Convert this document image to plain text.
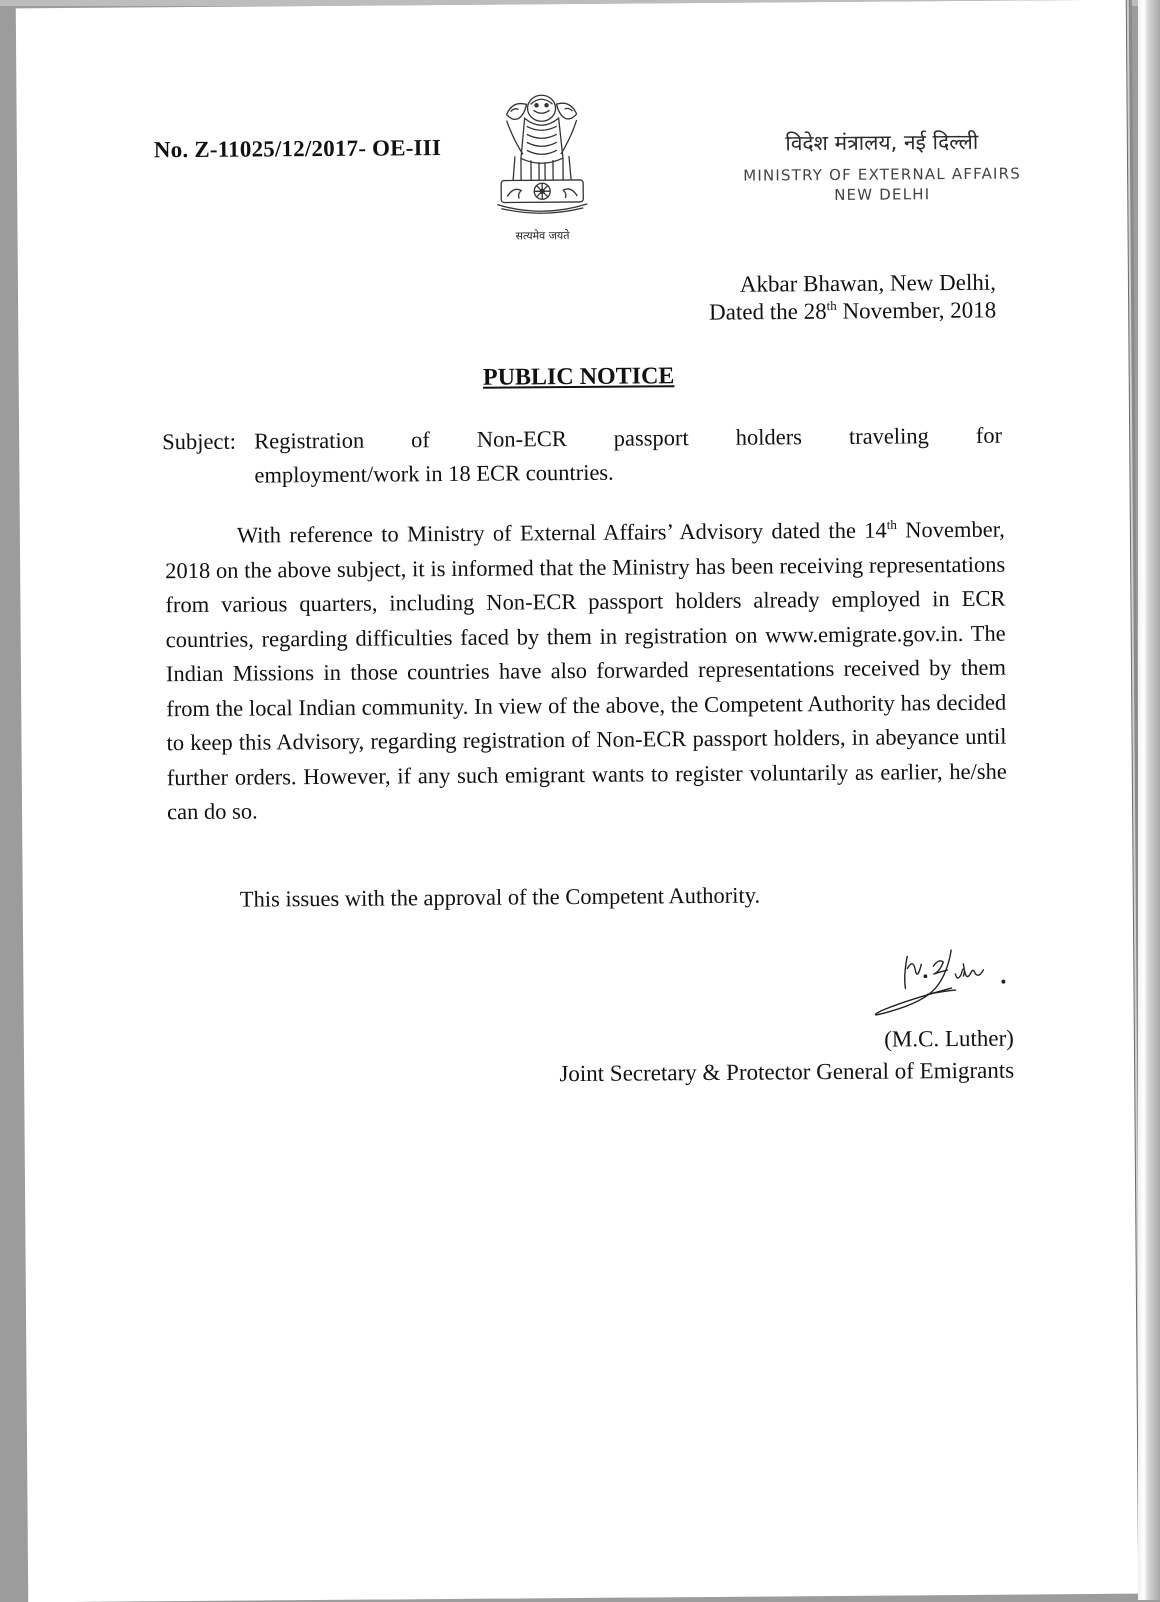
No. Z-11025/12/2017- OE-III
सत्यमेव जयते
विदेश मंत्रालय, नई दिल्ली
MINISTRY OF EXTERNAL AFFAIRS
NEW DELHI
Akbar Bhawan, New Delhi,
Dated the 28th November, 2018
PUBLIC NOTICE
Subject: Registration of Non-ECR passport holders traveling for
employment/work in 18 ECR countries.
With reference to Ministry of External Affairs’ Advisory dated the 14th November, 2018 on the above subject, it is informed that the Ministry has been receiving representations from various quarters, including Non-ECR passport holders already employed in ECR countries, regarding difficulties faced by them in registration on www.emigrate.gov.in. The Indian Missions in those countries have also forwarded representations received by them from the local Indian community. In view of the above, the Competent Authority has decided to keep this Advisory, regarding registration of Non-ECR passport holders, in abeyance until further orders. However, if any such emigrant wants to register voluntarily as earlier, he/she can do so.
This issues with the approval of the Competent Authority.
(M.C. Luther)
Joint Secretary & Protector General of Emigrants
